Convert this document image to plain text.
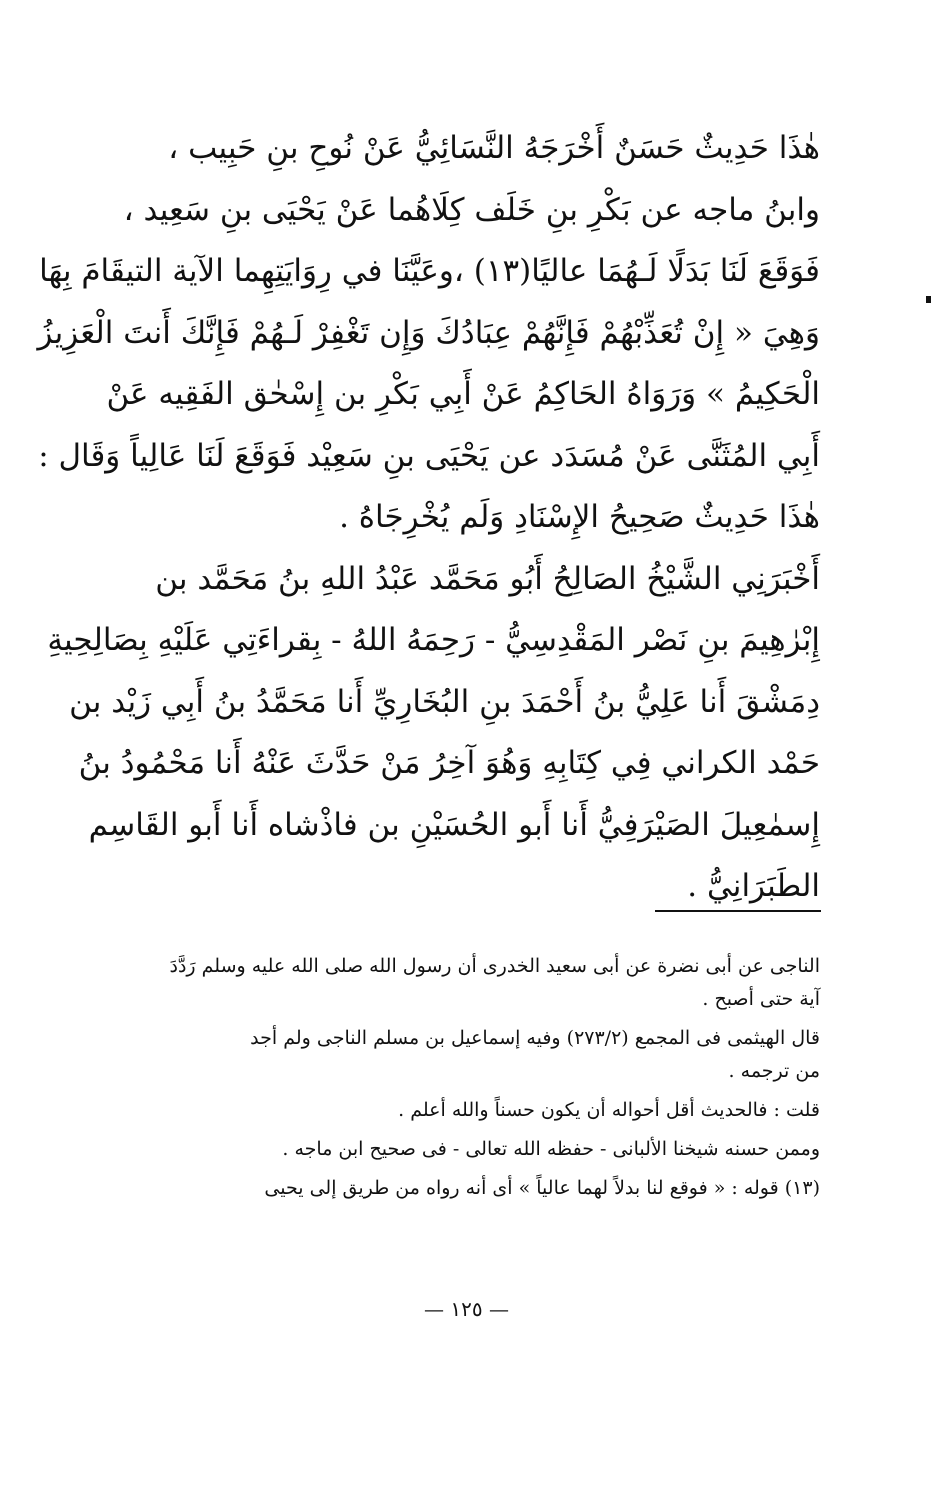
هٰذَا حَدِيثٌ حَسَنٌ أَخْرَجَهُ النَّسَائِيُّ عَنْ نُوحِ بنِ حَبِيب ،
وابنُ ماجه عن بَكْرِ بنِ خَلَف كِلَاهُما عَنْ يَحْيَى بنِ سَعِيد ،
فَوَقَعَ لَنَا بَدَلًا لَـهُمَا عاليًا(١٣) ،وعَيَّنَا في رِوَايَتِهِما الآية التيقَامَ بِهَا
وَهِيَ « إِنْ تُعَذِّبْهُمْ فَإِنَّهُمْ عِبَادُكَ وَإِن تَغْفِرْ لَـهُمْ فَإِنَّكَ أَنتَ الْعَزِيزُ
الْحَكِيمُ » وَرَوَاهُ الحَاكِمُ عَنْ أَبِي بَكْرِ بن إِسْحٰق الفَقِيه عَنْ
أَبِي المُثَنَّى عَنْ مُسَدَد عن يَحْيَى بنِ سَعِيْد فَوَقَعَ لَنَا عَالِياً وَقَال :
هٰذَا حَدِيثٌ صَحِيحُ الإِسْنَادِ وَلَم يُخْرِجَاهُ .

أَخْبَرَنِي الشَّيْخُ الصَالِحُ أَبُو مَحَمَّد عَبْدُ اللهِ بنُ مَحَمَّد بن
إِبْرٰهِيمَ بنِ نَصْر المَقْدِسِيُّ - رَحِمَهُ اللهُ - بِقراءَتِي عَلَيْهِ بِصَالِحِيةِ
دِمَشْقَ أَنا عَلِيُّ بنُ أَحْمَدَ بنِ البُخَارِيِّ أَنا مَحَمَّدُ بنُ أَبِي زَيْد بن
حَمْد الكراني فِي كِتَابِهِ وَهُوَ آخِرُ مَنْ حَدَّثَ عَنْهُ أَنا مَحْمُودُ بنُ
إِسمٰعِيلَ الصَيْرَفِيُّ أَنا أَبو الحُسَيْنِ بن فاذْشاه أَنا أَبو القَاسِم
الطَبَرَانِيُّ .

الناجى عن أبى نضرة عن أبى سعيد الخدرى أن رسول الله صلى الله عليه وسلم رَدَّدَ
آية حتى أصبح .

قال الهيثمى فى المجمع (٢٧٣/٢) وفيه إسماعيل بن مسلم الناجى ولم أجد
من ترجمه .

قلت : فالحديث أقل أحواله أن يكون حسناً والله أعلم .

وممن حسنه شيخنا الألبانى - حفظه الله تعالى - فى صحيح ابن ماجه .

(١٣) قوله : « فوقع لنا بدلاً لهما عالياً » أى أنه رواه من طريق إلى يحيى

— ١٢٥ —
